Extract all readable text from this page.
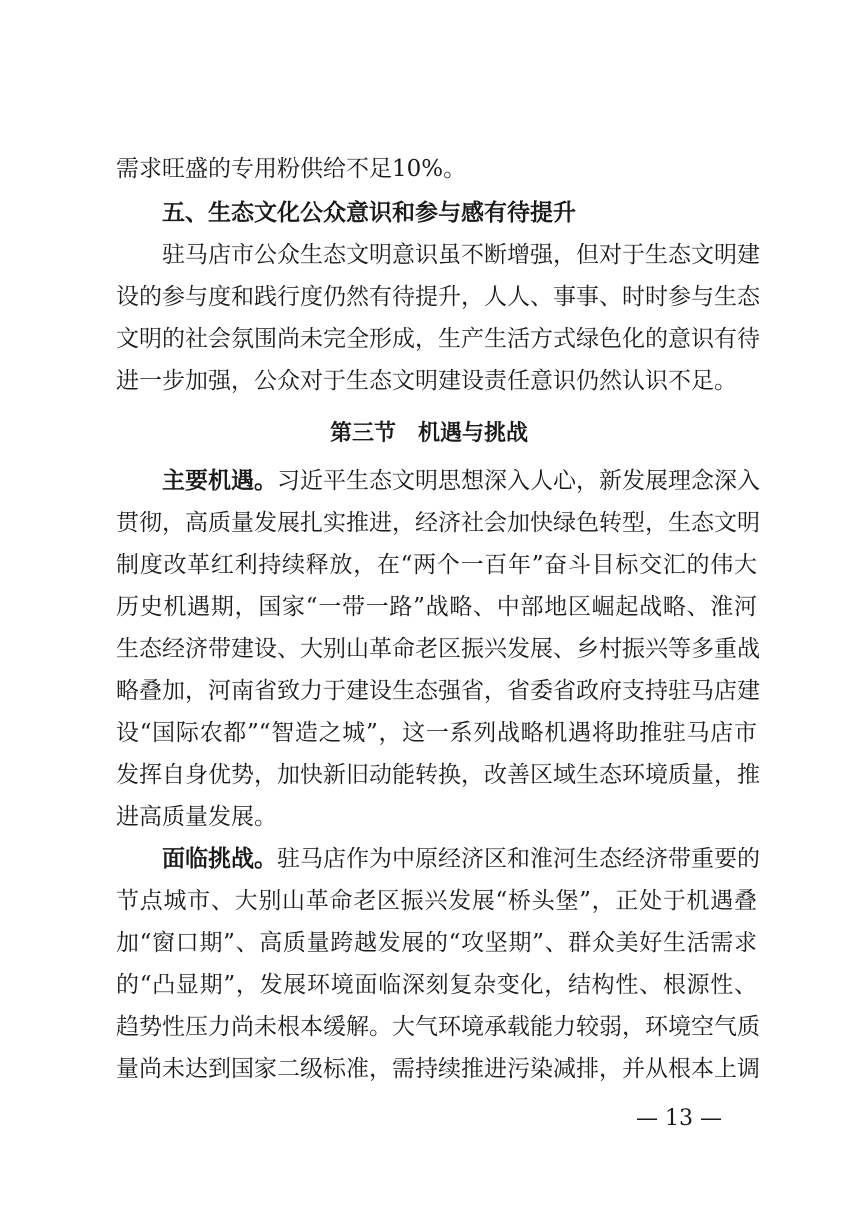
需求旺盛的专用粉供给不足10%。

五、生态文化公众意识和参与感有待提升

驻马店市公众生态文明意识虽不断增强，但对于生态文明建

设的参与度和践行度仍然有待提升，人人、事事、时时参与生态

文明的社会氛围尚未完全形成，生产生活方式绿色化的意识有待

进一步加强，公众对于生态文明建设责任意识仍然认识不足。

第三节　机遇与挑战

主要机遇。习近平生态文明思想深入人心，新发展理念深入

贯彻，高质量发展扎实推进，经济社会加快绿色转型，生态文明

制度改革红利持续释放，在“两个一百年”奋斗目标交汇的伟大

历史机遇期，国家“一带一路”战略、中部地区崛起战略、淮河

生态经济带建设、大别山革命老区振兴发展、乡村振兴等多重战

略叠加，河南省致力于建设生态强省，省委省政府支持驻马店建

设“国际农都”“智造之城”，这一系列战略机遇将助推驻马店市

发挥自身优势，加快新旧动能转换，改善区域生态环境质量，推

进高质量发展。

面临挑战。驻马店作为中原经济区和淮河生态经济带重要的

节点城市、大别山革命老区振兴发展“桥头堡”，正处于机遇叠

加“窗口期”、高质量跨越发展的“攻坚期”、群众美好生活需求

的“凸显期”，发展环境面临深刻复杂变化，结构性、根源性、

趋势性压力尚未根本缓解。大气环境承载能力较弱，环境空气质

量尚未达到国家二级标准，需持续推进污染减排，并从根本上调

— 13 —
